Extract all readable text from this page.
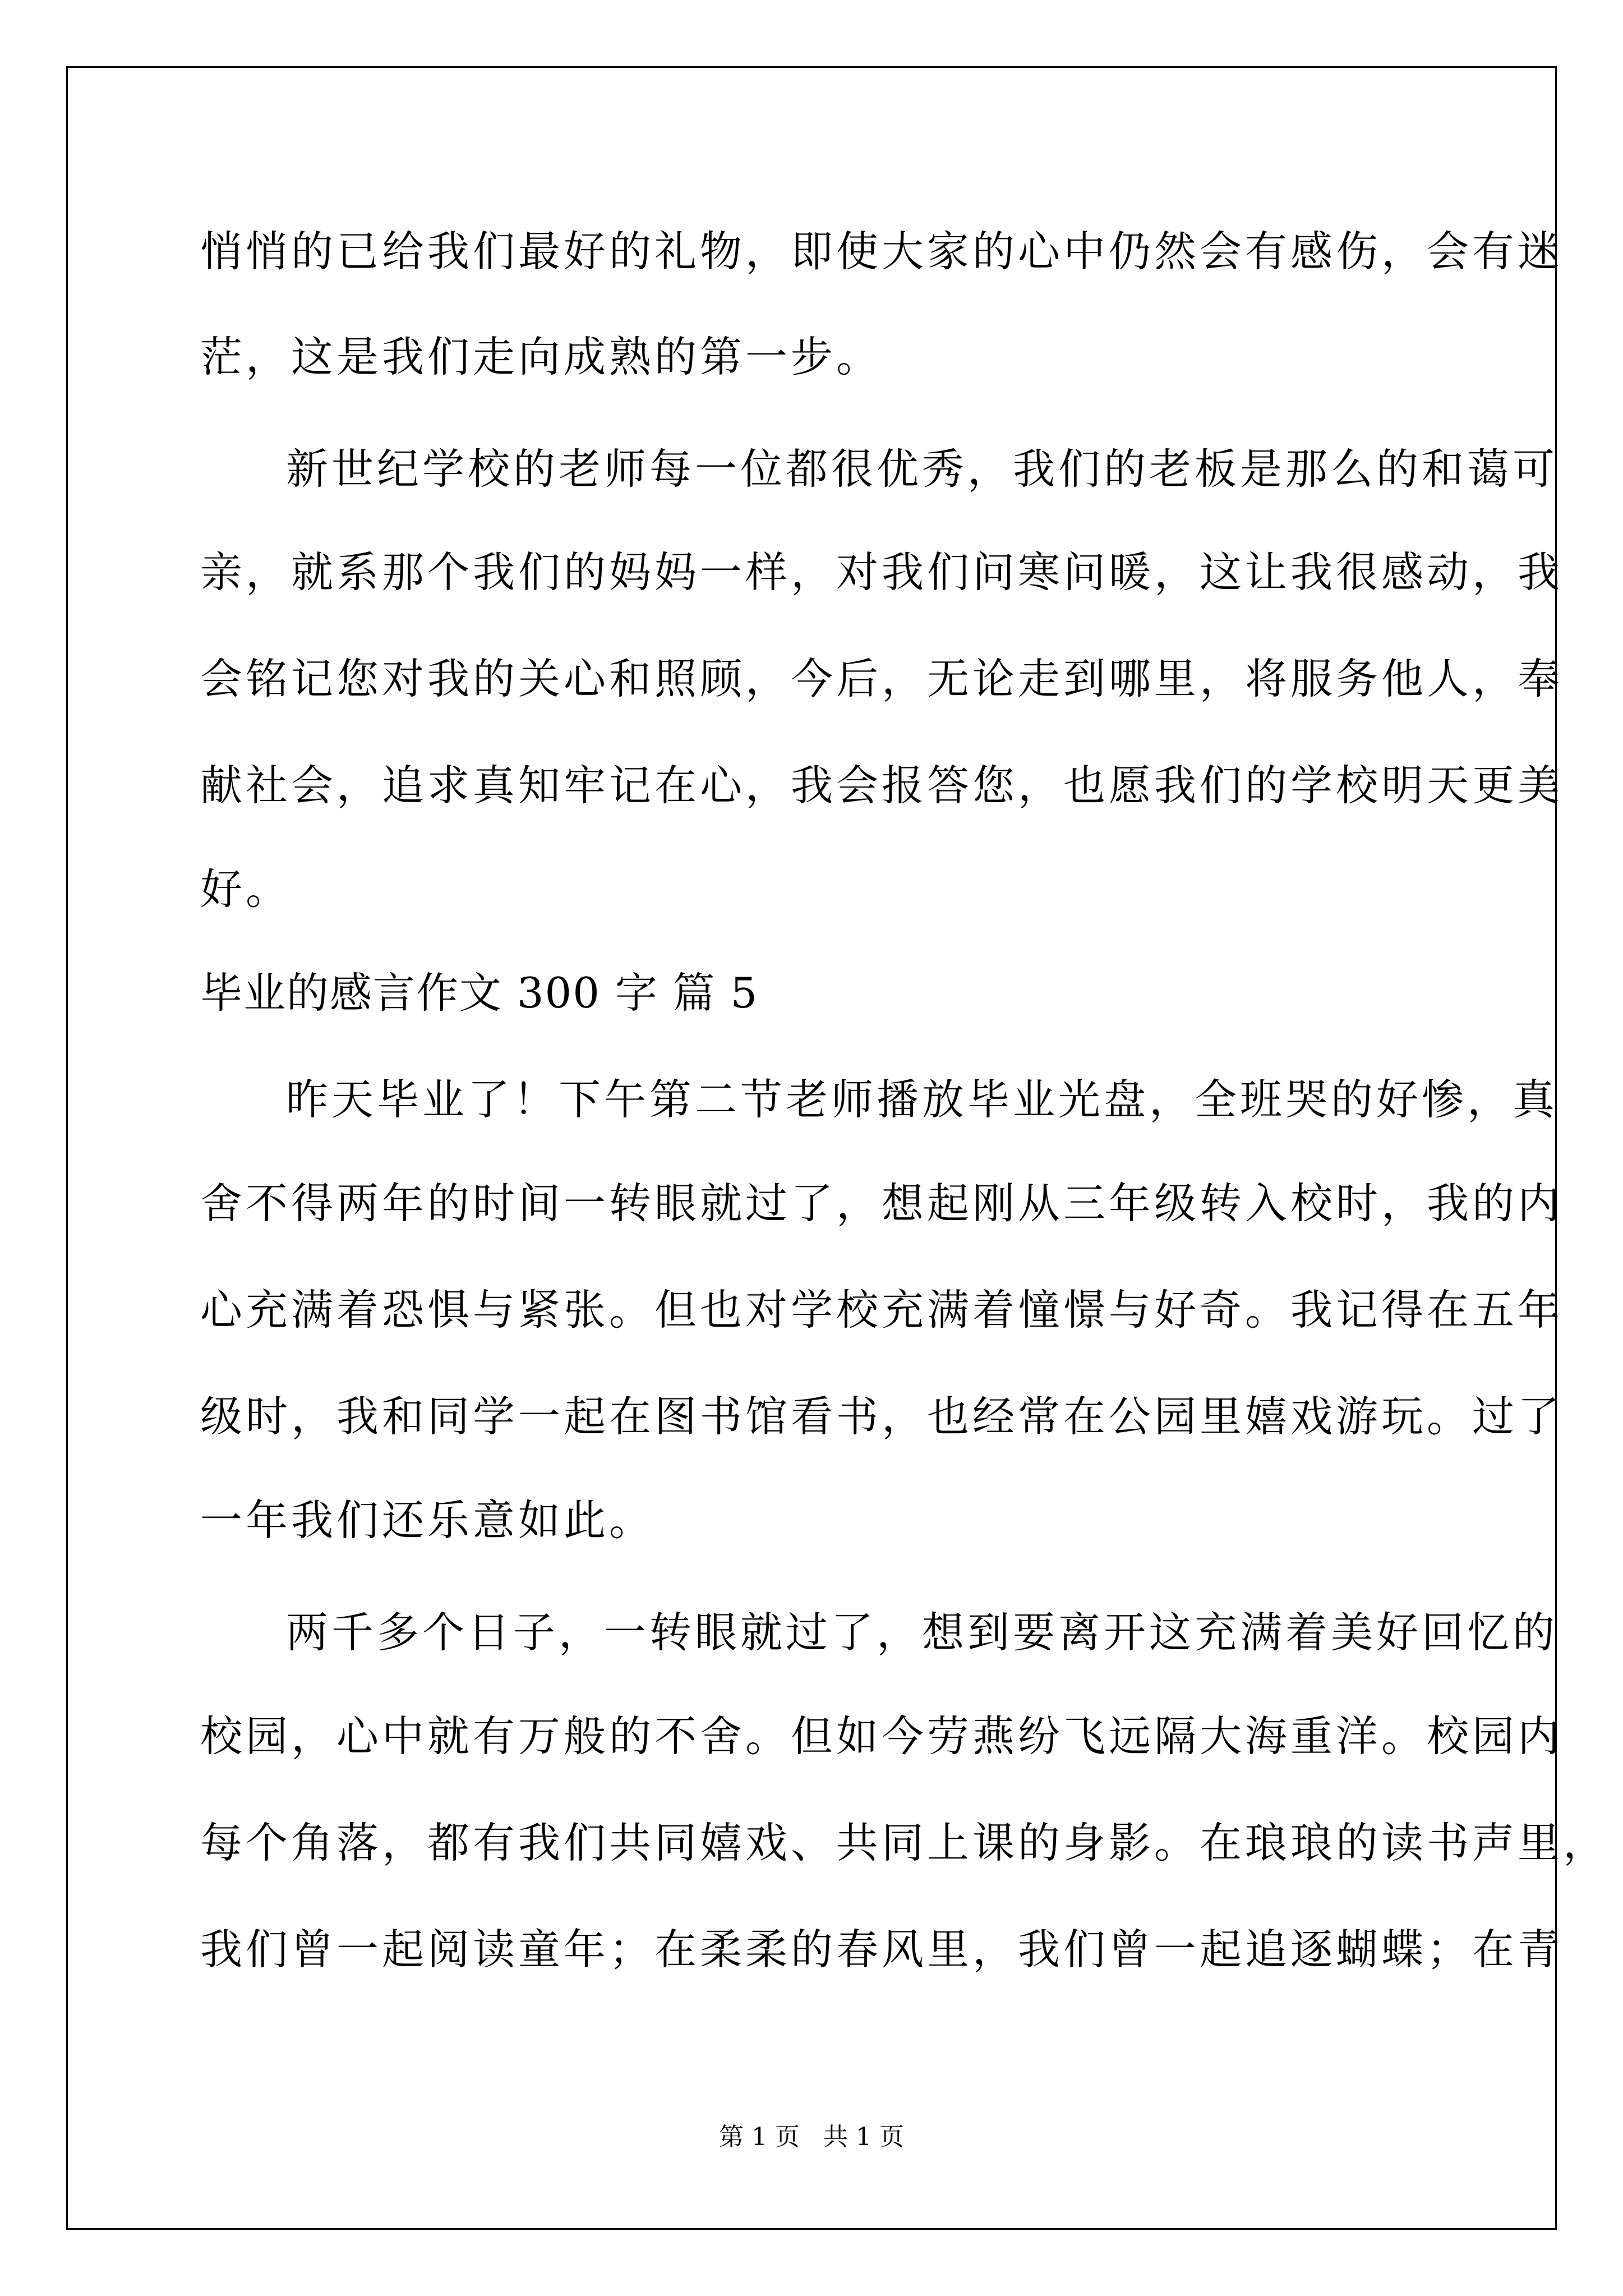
悄悄的已给我们最好的礼物，即使大家的心中仍然会有感伤，会有迷
茫，这是我们走向成熟的第一步。
新世纪学校的老师每一位都很优秀，我们的老板是那么的和蔼可
亲，就系那个我们的妈妈一样，对我们问寒问暖，这让我很感动，我
会铭记您对我的关心和照顾，今后，无论走到哪里，将服务他人，奉
献社会，追求真知牢记在心，我会报答您，也愿我们的学校明天更美
好。
毕业的感言作文 300 字 篇 5
昨天毕业了！下午第二节老师播放毕业光盘，全班哭的好惨，真
舍不得两年的时间一转眼就过了，想起刚从三年级转入校时，我的内
心充满着恐惧与紧张。但也对学校充满着憧憬与好奇。我记得在五年
级时，我和同学一起在图书馆看书，也经常在公园里嬉戏游玩。过了
一年我们还乐意如此。
两千多个日子，一转眼就过了，想到要离开这充满着美好回忆的
校园，心中就有万般的不舍。但如今劳燕纷飞远隔大海重洋。校园内
每个角落，都有我们共同嬉戏、共同上课的身影。在琅琅的读书声里，
我们曾一起阅读童年；在柔柔的春风里，我们曾一起追逐蝴蝶；在青
第 1 页 共 1 页
